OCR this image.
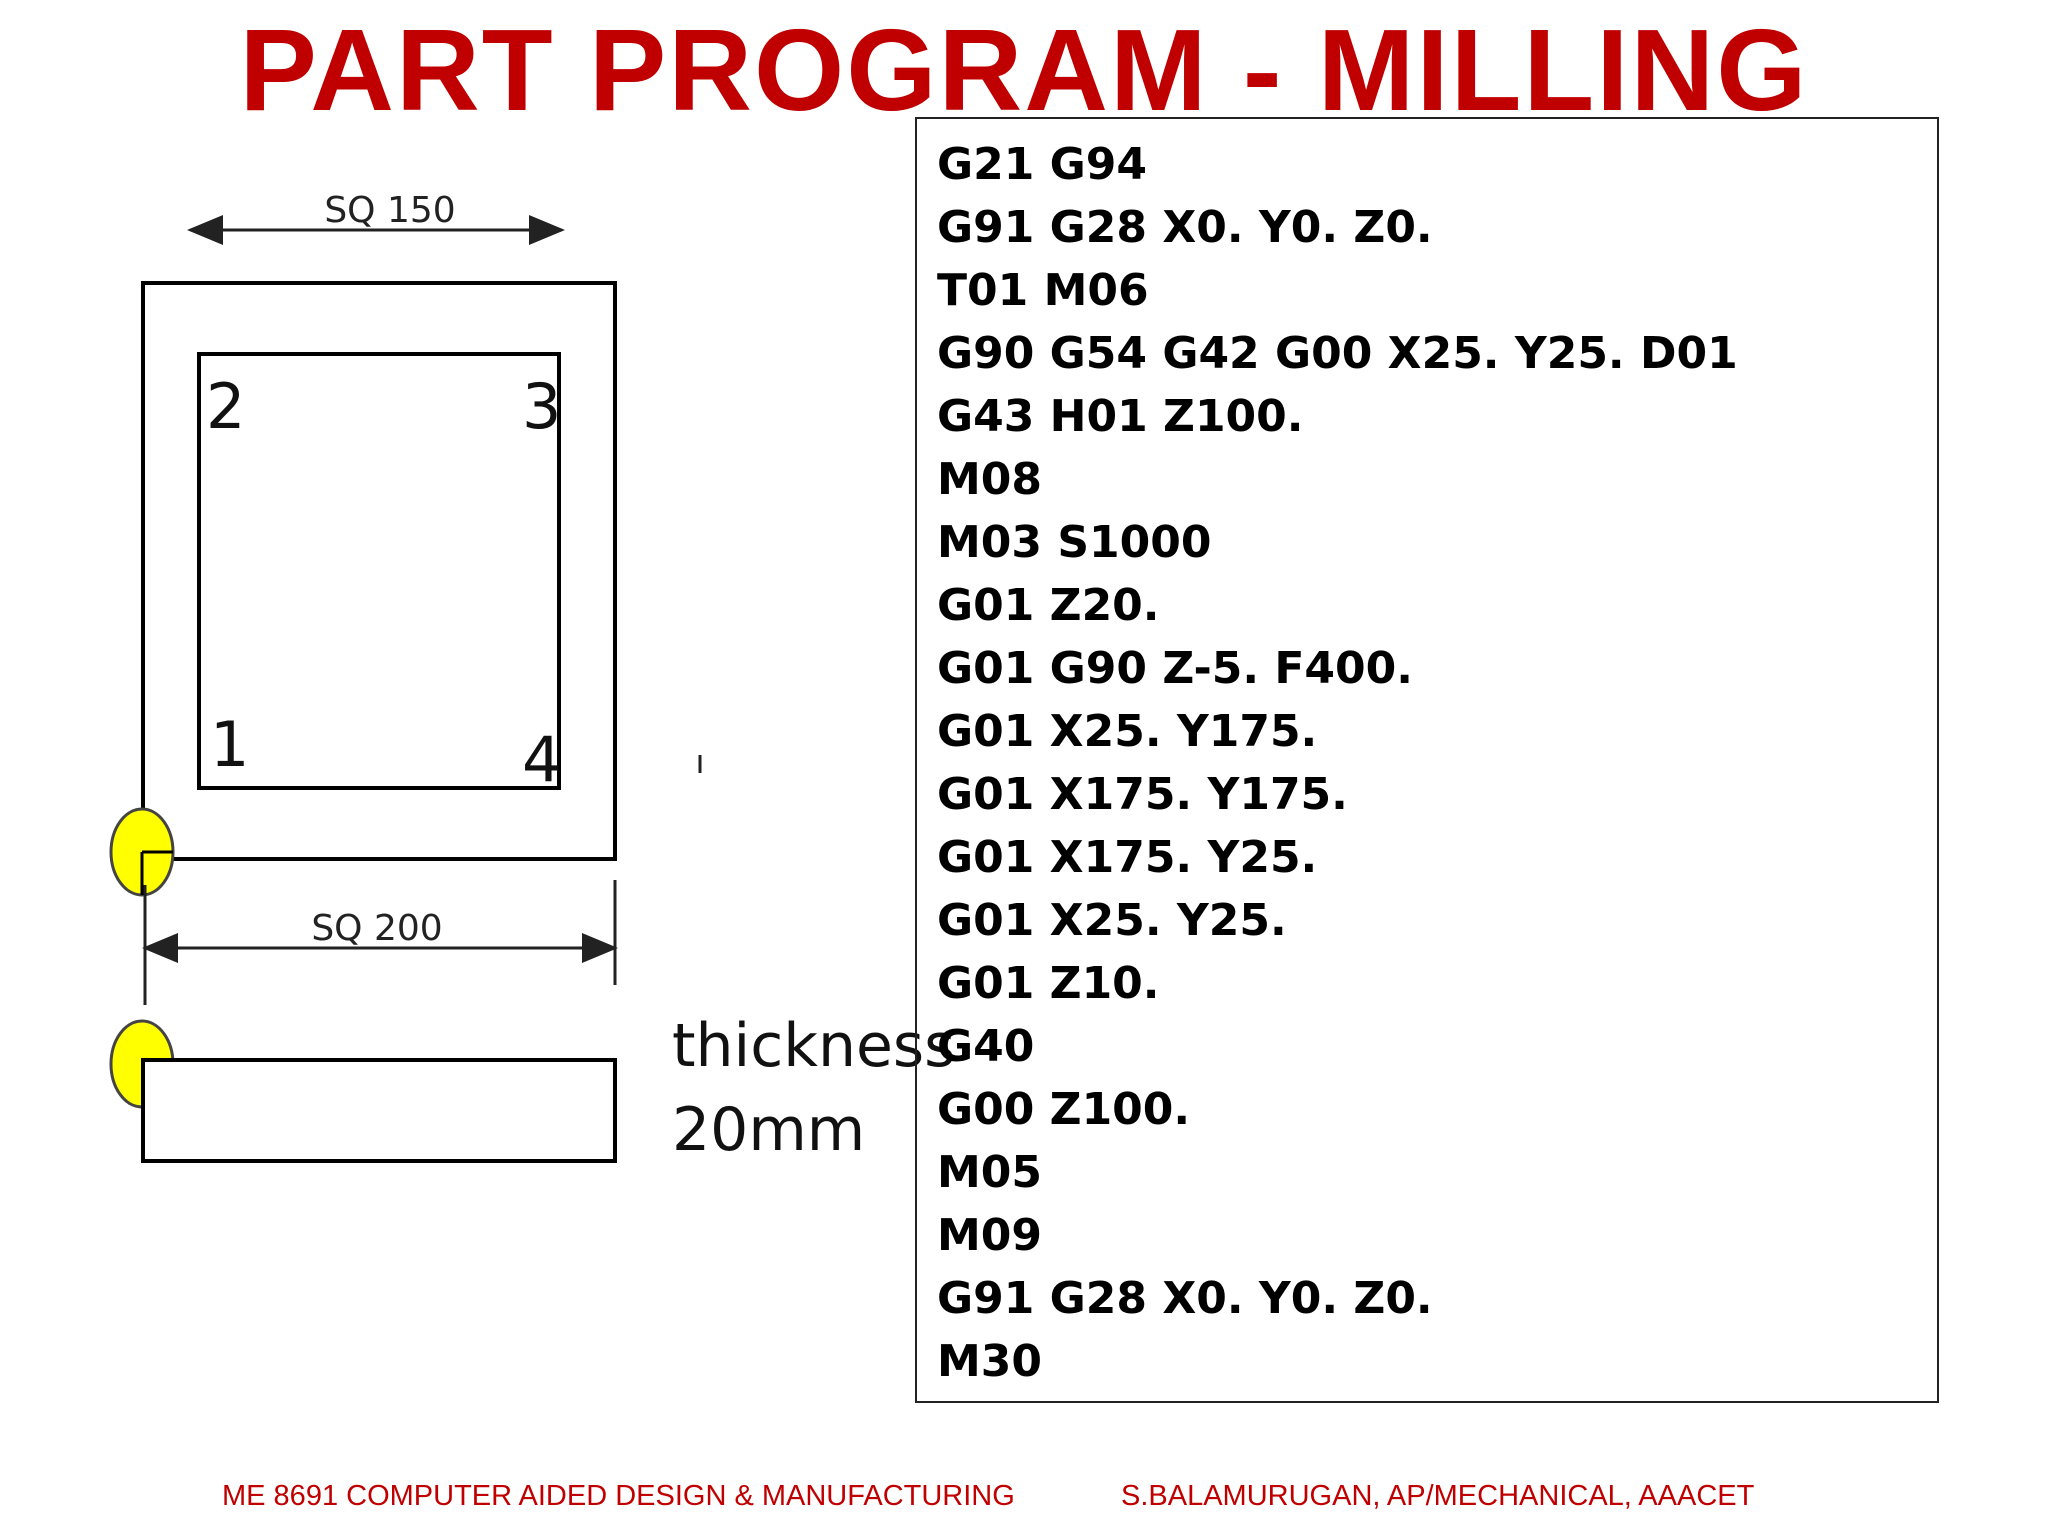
PART PROGRAM - MILLING
SQ 150
2	3
1	4
SQ 200
thickness
20mm
G21 G94
G91 G28 X0. Y0. Z0.
T01 M06
G90 G54 G42 G00 X25. Y25. D01
G43 H01 Z100.
M08
M03 S1000
G01 Z20.
G01 G90 Z-5. F400.
G01 X25. Y175.
G01 X175. Y175.
G01 X175. Y25.
G01 X25. Y25.
G01 Z10.
G40
G00 Z100.
M05
M09
G91 G28 X0. Y0. Z0.
M30
ME 8691 COMPUTER AIDED DESIGN & MANUFACTURING	S.BALAMURUGAN, AP/MECHANICAL, AAACET
